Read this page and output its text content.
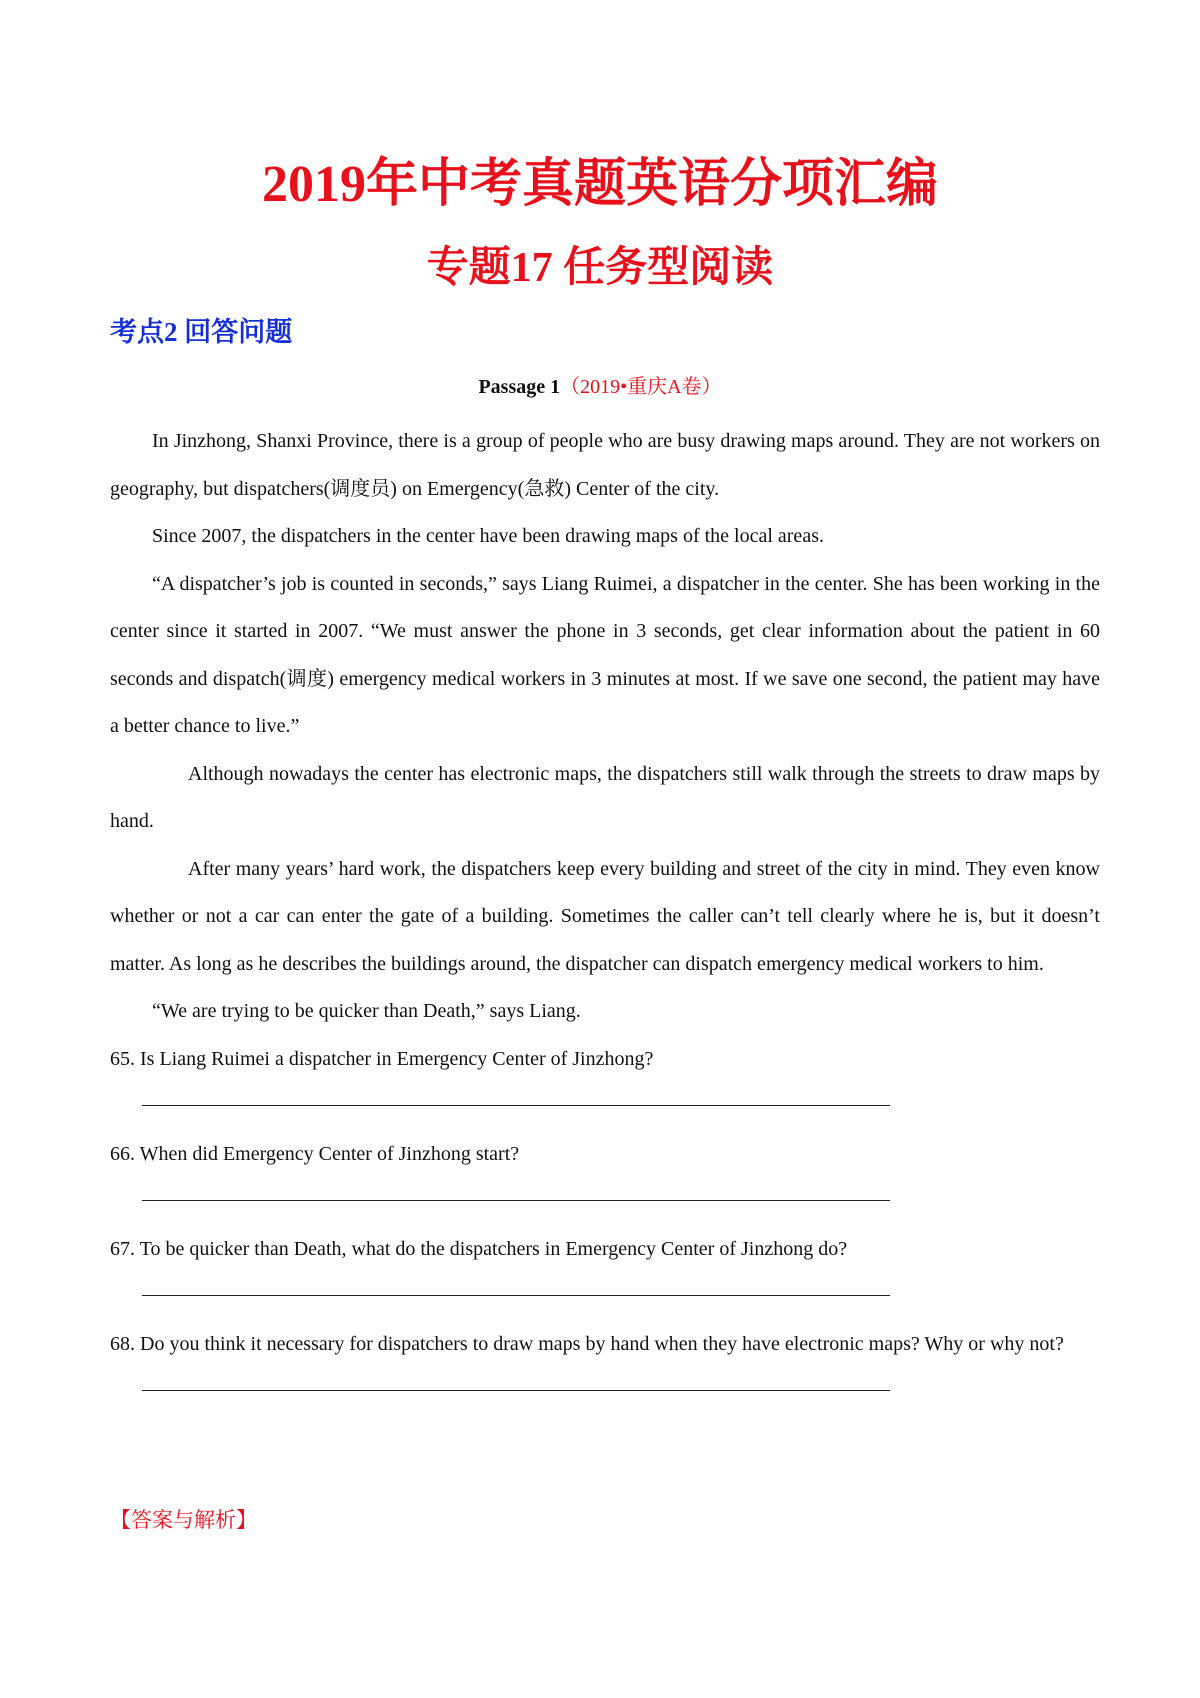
2019年中考真题英语分项汇编
专题17 任务型阅读
考点2 回答问题
Passage 1（2019•重庆A卷）

In Jinzhong, Shanxi Province, there is a group of people who are busy drawing maps around. They are not workers on geography, but dispatchers(调度员) on Emergency(急救) Center of the city.

Since 2007, the dispatchers in the center have been drawing maps of the local areas.

“A dispatcher’s job is counted in seconds,” says Liang Ruimei, a dispatcher in the center. She has been working in the center since it started in 2007. “We must answer the phone in 3 seconds, get clear information about the patient in 60 seconds and dispatch(调度) emergency medical workers in 3 minutes at most. If we save one second, the patient may have a better chance to live.”

Although nowadays the center has electronic maps, the dispatchers still walk through the streets to draw maps by hand.

After many years’ hard work, the dispatchers keep every building and street of the city in mind. They even know whether or not a car can enter the gate of a building. Sometimes the caller can’t tell clearly where he is, but it doesn’t matter. As long as he describes the buildings around, the dispatcher can dispatch emergency medical workers to him.

“We are trying to be quicker than Death,” says Liang.

65. Is Liang Ruimei a dispatcher in Emergency Center of Jinzhong?

66. When did Emergency Center of Jinzhong start?

67. To be quicker than Death, what do the dispatchers in Emergency Center of Jinzhong do?

68. Do you think it necessary for dispatchers to draw maps by hand when they have electronic maps? Why or why not?

【答案与解析】
